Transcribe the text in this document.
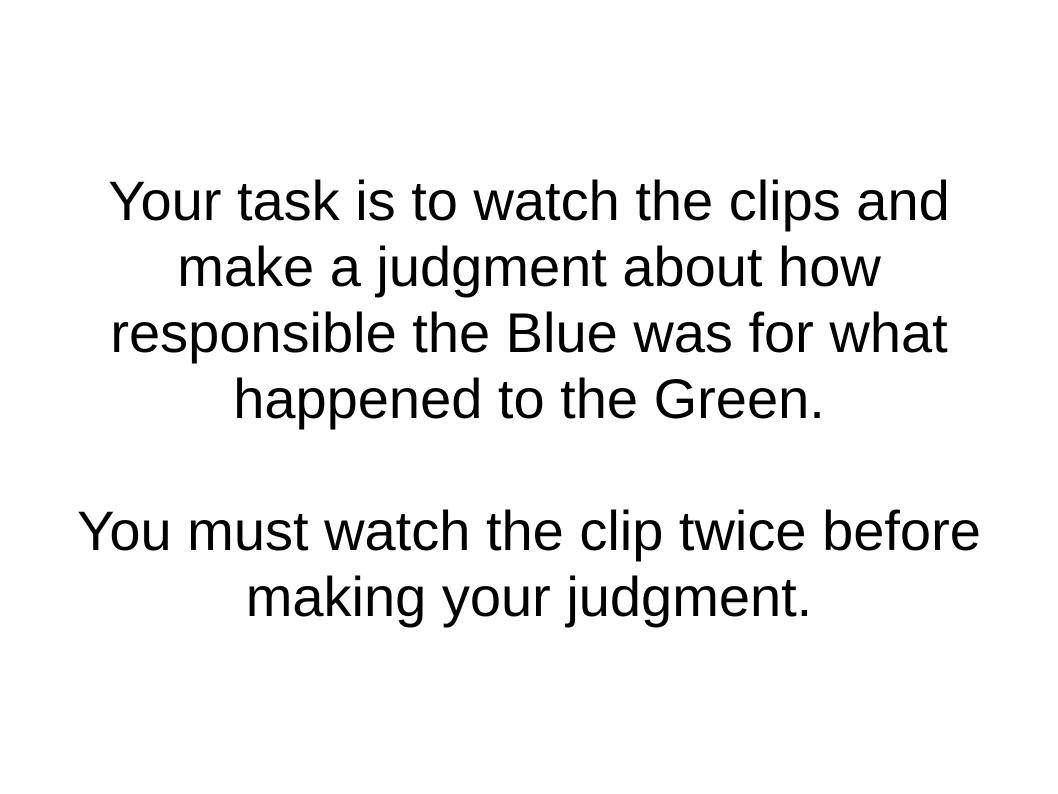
Your task is to watch the clips and
make a judgment about how
responsible the Blue was for what
happened to the Green.
You must watch the clip twice before
making your judgment.
